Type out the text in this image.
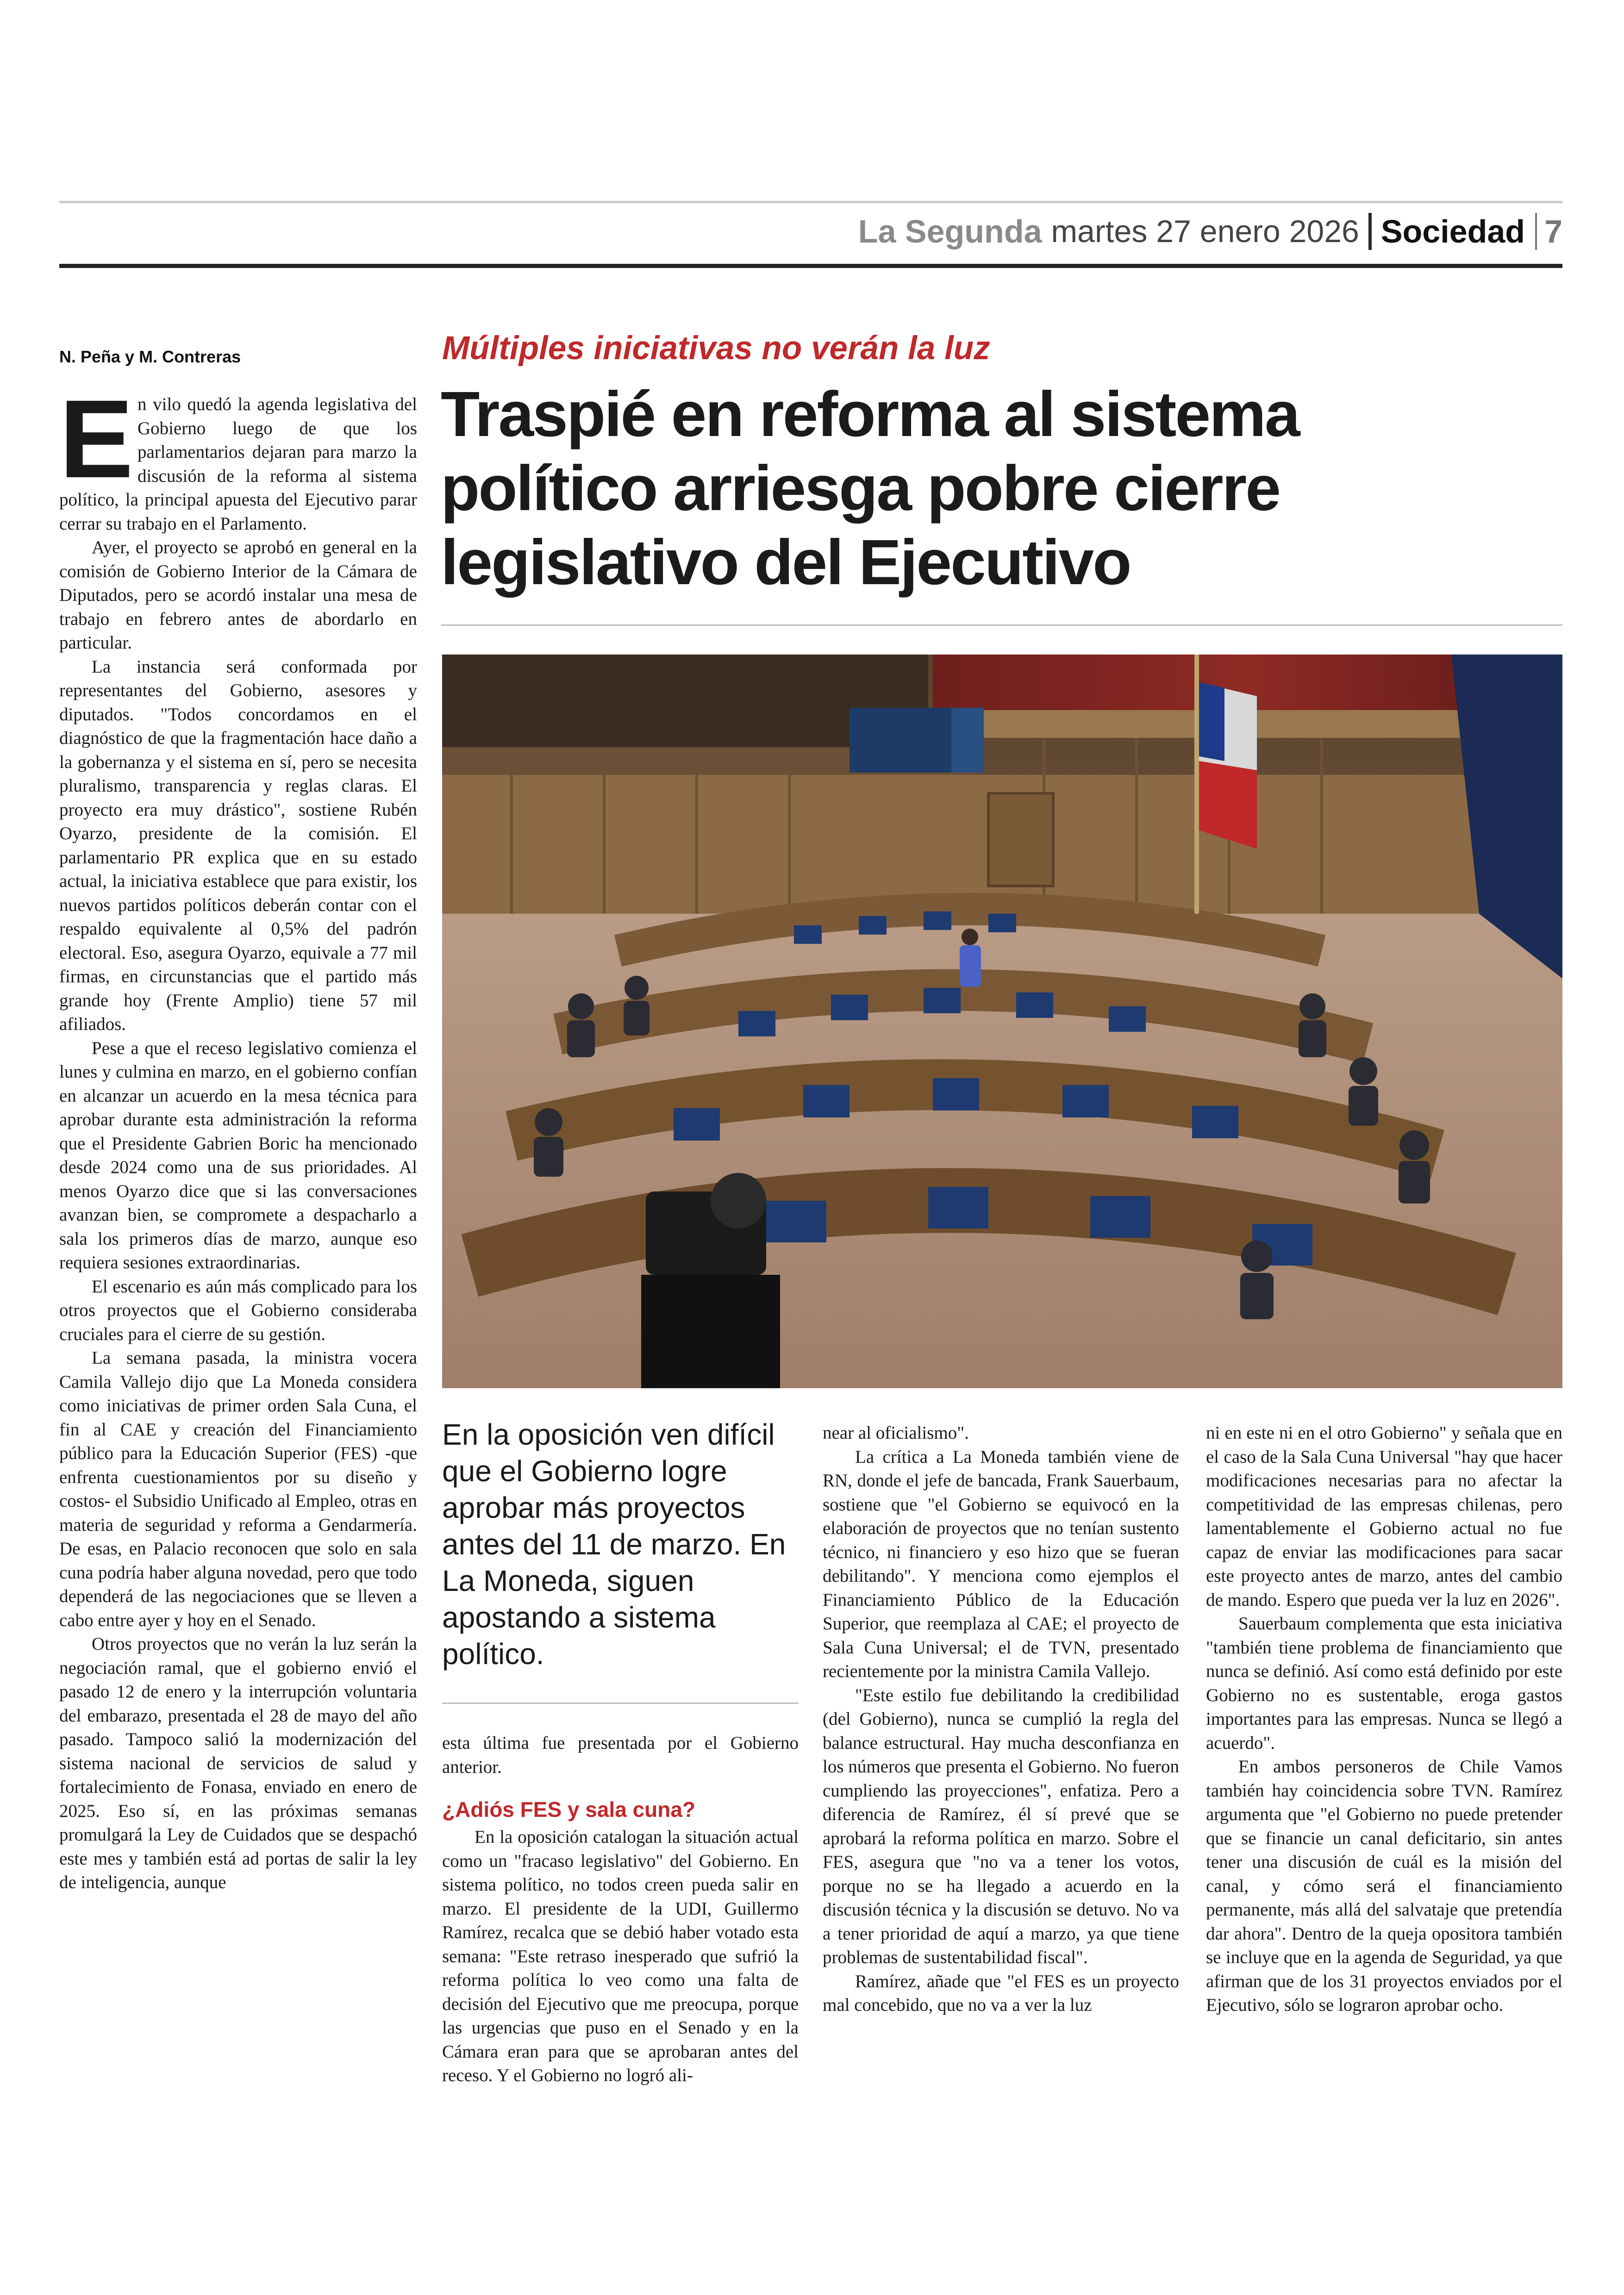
La Segunda martes 27 enero 2026 Sociedad 7
N. Peña y M. Contreras	Múltiples iniciativas no verán la luz
Traspié en reforma al sistema
político arriesga pobre cierre
legislativo del Ejecutivo
E n vilo quedó la agenda legislativa del Gobierno luego de que los parlamentarios dejaran para marzo la discusión de la reforma al sistema político, la principal apuesta del Ejecutivo parar cerrar su trabajo en el Parlamento.

Ayer, el proyecto se aprobó en general en la comisión de Gobierno Interior de la Cámara de Diputados, pero se acordó instalar una mesa de trabajo en febrero antes de abordarlo en particular.

La instancia será conformada por representantes del Gobierno, asesores y diputados. "Todos concordamos en el diagnóstico de que la fragmentación hace daño a la gobernanza y el sistema en sí, pero se necesita pluralismo, transparencia y reglas claras. El proyecto era muy drástico", sostiene Rubén Oyarzo, presidente de la comisión. El parlamentario PR explica que en su estado actual, la iniciativa establece que para existir, los nuevos partidos políticos deberán contar con el respaldo equivalente al 0,5% del padrón electoral. Eso, asegura Oyarzo, equivale a 77 mil firmas, en circunstancias que el partido más grande hoy (Frente Amplio) tiene 57 mil afiliados.

Pese a que el receso legislativo comienza el lunes y culmina en marzo, en el gobierno confían en alcanzar un acuerdo en la mesa técnica para aprobar durante esta administración la reforma que el Presidente Gabrien Boric ha mencionado desde 2024 como una de sus prioridades. Al menos Oyarzo dice que si las conversaciones avanzan bien, se compromete a despacharlo a sala los primeros días de marzo, aunque eso requiera sesiones extraordinarias.

El escenario es aún más complicado para los otros proyectos que el Gobierno consideraba cruciales para el cierre de su gestión.

La semana pasada, la ministra vocera Camila Vallejo dijo que La Moneda considera como iniciativas de primer orden Sala Cuna, el fin al CAE y creación del Financiamiento público para la Educación Superior (FES) -que enfrenta cuestionamientos por su diseño y costos- el Subsidio Unificado al Empleo, otras en materia de seguridad y reforma a Gendarmería. De esas, en Palacio reconocen que solo en sala cuna podría haber alguna novedad, pero que todo dependerá de las negociaciones que se lleven a cabo entre ayer y hoy en el Senado.

Otros proyectos que no verán la luz serán la negociación ramal, que el gobierno envió el pasado 12 de enero y la interrupción voluntaria del embarazo, presentada el 28 de mayo del año pasado. Tampoco salió la modernización del sistema nacional de servicios de salud y fortalecimiento de Fonasa, enviado en enero de 2025. Eso sí, en las próximas semanas promulgará la Ley de Cuidados que se despachó este mes y también está ad portas de salir la ley de inteligencia, aunque

En la oposición ven difícil que el Gobierno logre aprobar más proyectos antes del 11 de marzo. En La Moneda, siguen apostando a sistema político.

esta última fue presentada por el Gobierno anterior.

¿Adiós FES y sala cuna?

En la oposición catalogan la situación actual como un "fracaso legislativo" del Gobierno. En sistema político, no todos creen pueda salir en marzo. El presidente de la UDI, Guillermo Ramírez, recalca que se debió haber votado esta semana: "Este retraso inesperado que sufrió la reforma política lo veo como una falta de decisión del Ejecutivo que me preocupa, porque las urgencias que puso en el Senado y en la Cámara eran para que se aprobaran antes del receso. Y el Gobierno no logró ali-

near al oficialismo".

La crítica a La Moneda también viene de RN, donde el jefe de bancada, Frank Sauerbaum, sostiene que "el Gobierno se equivocó en la elaboración de proyectos que no tenían sustento técnico, ni financiero y eso hizo que se fueran debilitando". Y menciona como ejemplos el Financiamiento Público de la Educación Superior, que reemplaza al CAE; el proyecto de Sala Cuna Universal; el de TVN, presentado recientemente por la ministra Camila Vallejo.

"Este estilo fue debilitando la credibilidad (del Gobierno), nunca se cumplió la regla del balance estructural. Hay mucha desconfianza en los números que presenta el Gobierno. No fueron cumpliendo las proyecciones", enfatiza. Pero a diferencia de Ramírez, él sí prevé que se aprobará la reforma política en marzo. Sobre el FES, asegura que "no va a tener los votos, porque no se ha llegado a acuerdo en la discusión técnica y la discusión se detuvo. No va a tener prioridad de aquí a marzo, ya que tiene problemas de sustentabilidad fiscal".

Ramírez, añade que "el FES es un proyecto mal concebido, que no va a ver la luz

ni en este ni en el otro Gobierno" y señala que en el caso de la Sala Cuna Universal "hay que hacer modificaciones necesarias para no afectar la competitividad de las empresas chilenas, pero lamentablemente el Gobierno actual no fue capaz de enviar las modificaciones para sacar este proyecto antes de marzo, antes del cambio de mando. Espero que pueda ver la luz en 2026".

Sauerbaum complementa que esta iniciativa "también tiene problema de financiamiento que nunca se definió. Así como está definido por este Gobierno no es sustentable, eroga gastos importantes para las empresas. Nunca se llegó a acuerdo".

En ambos personeros de Chile Vamos también hay coincidencia sobre TVN. Ramírez argumenta que "el Gobierno no puede pretender que se financie un canal deficitario, sin antes tener una discusión de cuál es la misión del canal, y cómo será el financiamiento permanente, más allá del salvataje que pretendía dar ahora". Dentro de la queja opositora también se incluye que en la agenda de Seguridad, ya que afirman que de los 31 proyectos enviados por el Ejecutivo, sólo se lograron aprobar ocho.
